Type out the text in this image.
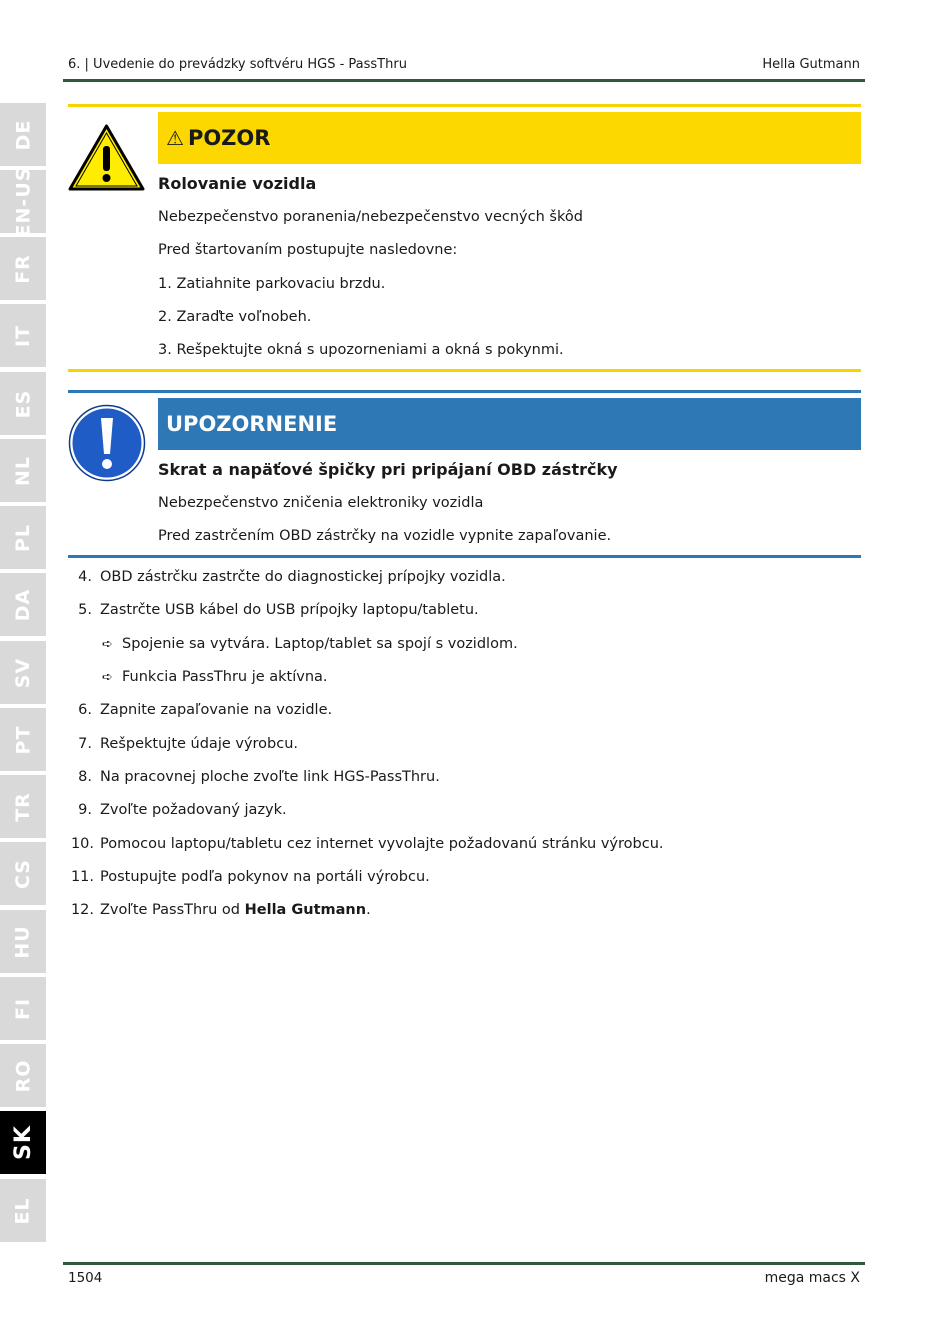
6. | Uvedenie do prevádzky softvéru HGS - PassThru	Hella Gutmann
DE
EN-US
FR
IT
ES
NL
PL
DA
SV
PT
TR
CS
HU
FI
RO
SK
EL
⚠ POZOR
Rolovanie vozidla
Nebezpečenstvo poranenia/nebezpečenstvo vecných škôd
Pred štartovaním postupujte nasledovne:
1. Zatiahnite parkovaciu brzdu.
2. Zaraďte voľnobeh.
3. Rešpektujte okná s upozorneniami a okná s pokynmi.
UPOZORNENIE
Skrat a napäťové špičky pri pripájaní OBD zástrčky
Nebezpečenstvo zničenia elektroniky vozidla
Pred zastrčením OBD zástrčky na vozidle vypnite zapaľovanie.
4. OBD zástrčku zastrčte do diagnostickej prípojky vozidla.
5. Zastrčte USB kábel do USB prípojky laptopu/tabletu.
➪ Spojenie sa vytvára. Laptop/tablet sa spojí s vozidlom.
➪ Funkcia PassThru je aktívna.
6. Zapnite zapaľovanie na vozidle.
7. Rešpektujte údaje výrobcu.
8. Na pracovnej ploche zvoľte link HGS-PassThru.
9. Zvoľte požadovaný jazyk.
10. Pomocou laptopu/tabletu cez internet vyvolajte požadovanú stránku výrobcu.
11. Postupujte podľa pokynov na portáli výrobcu.
12. Zvoľte PassThru od Hella Gutmann.
1504	mega macs X
